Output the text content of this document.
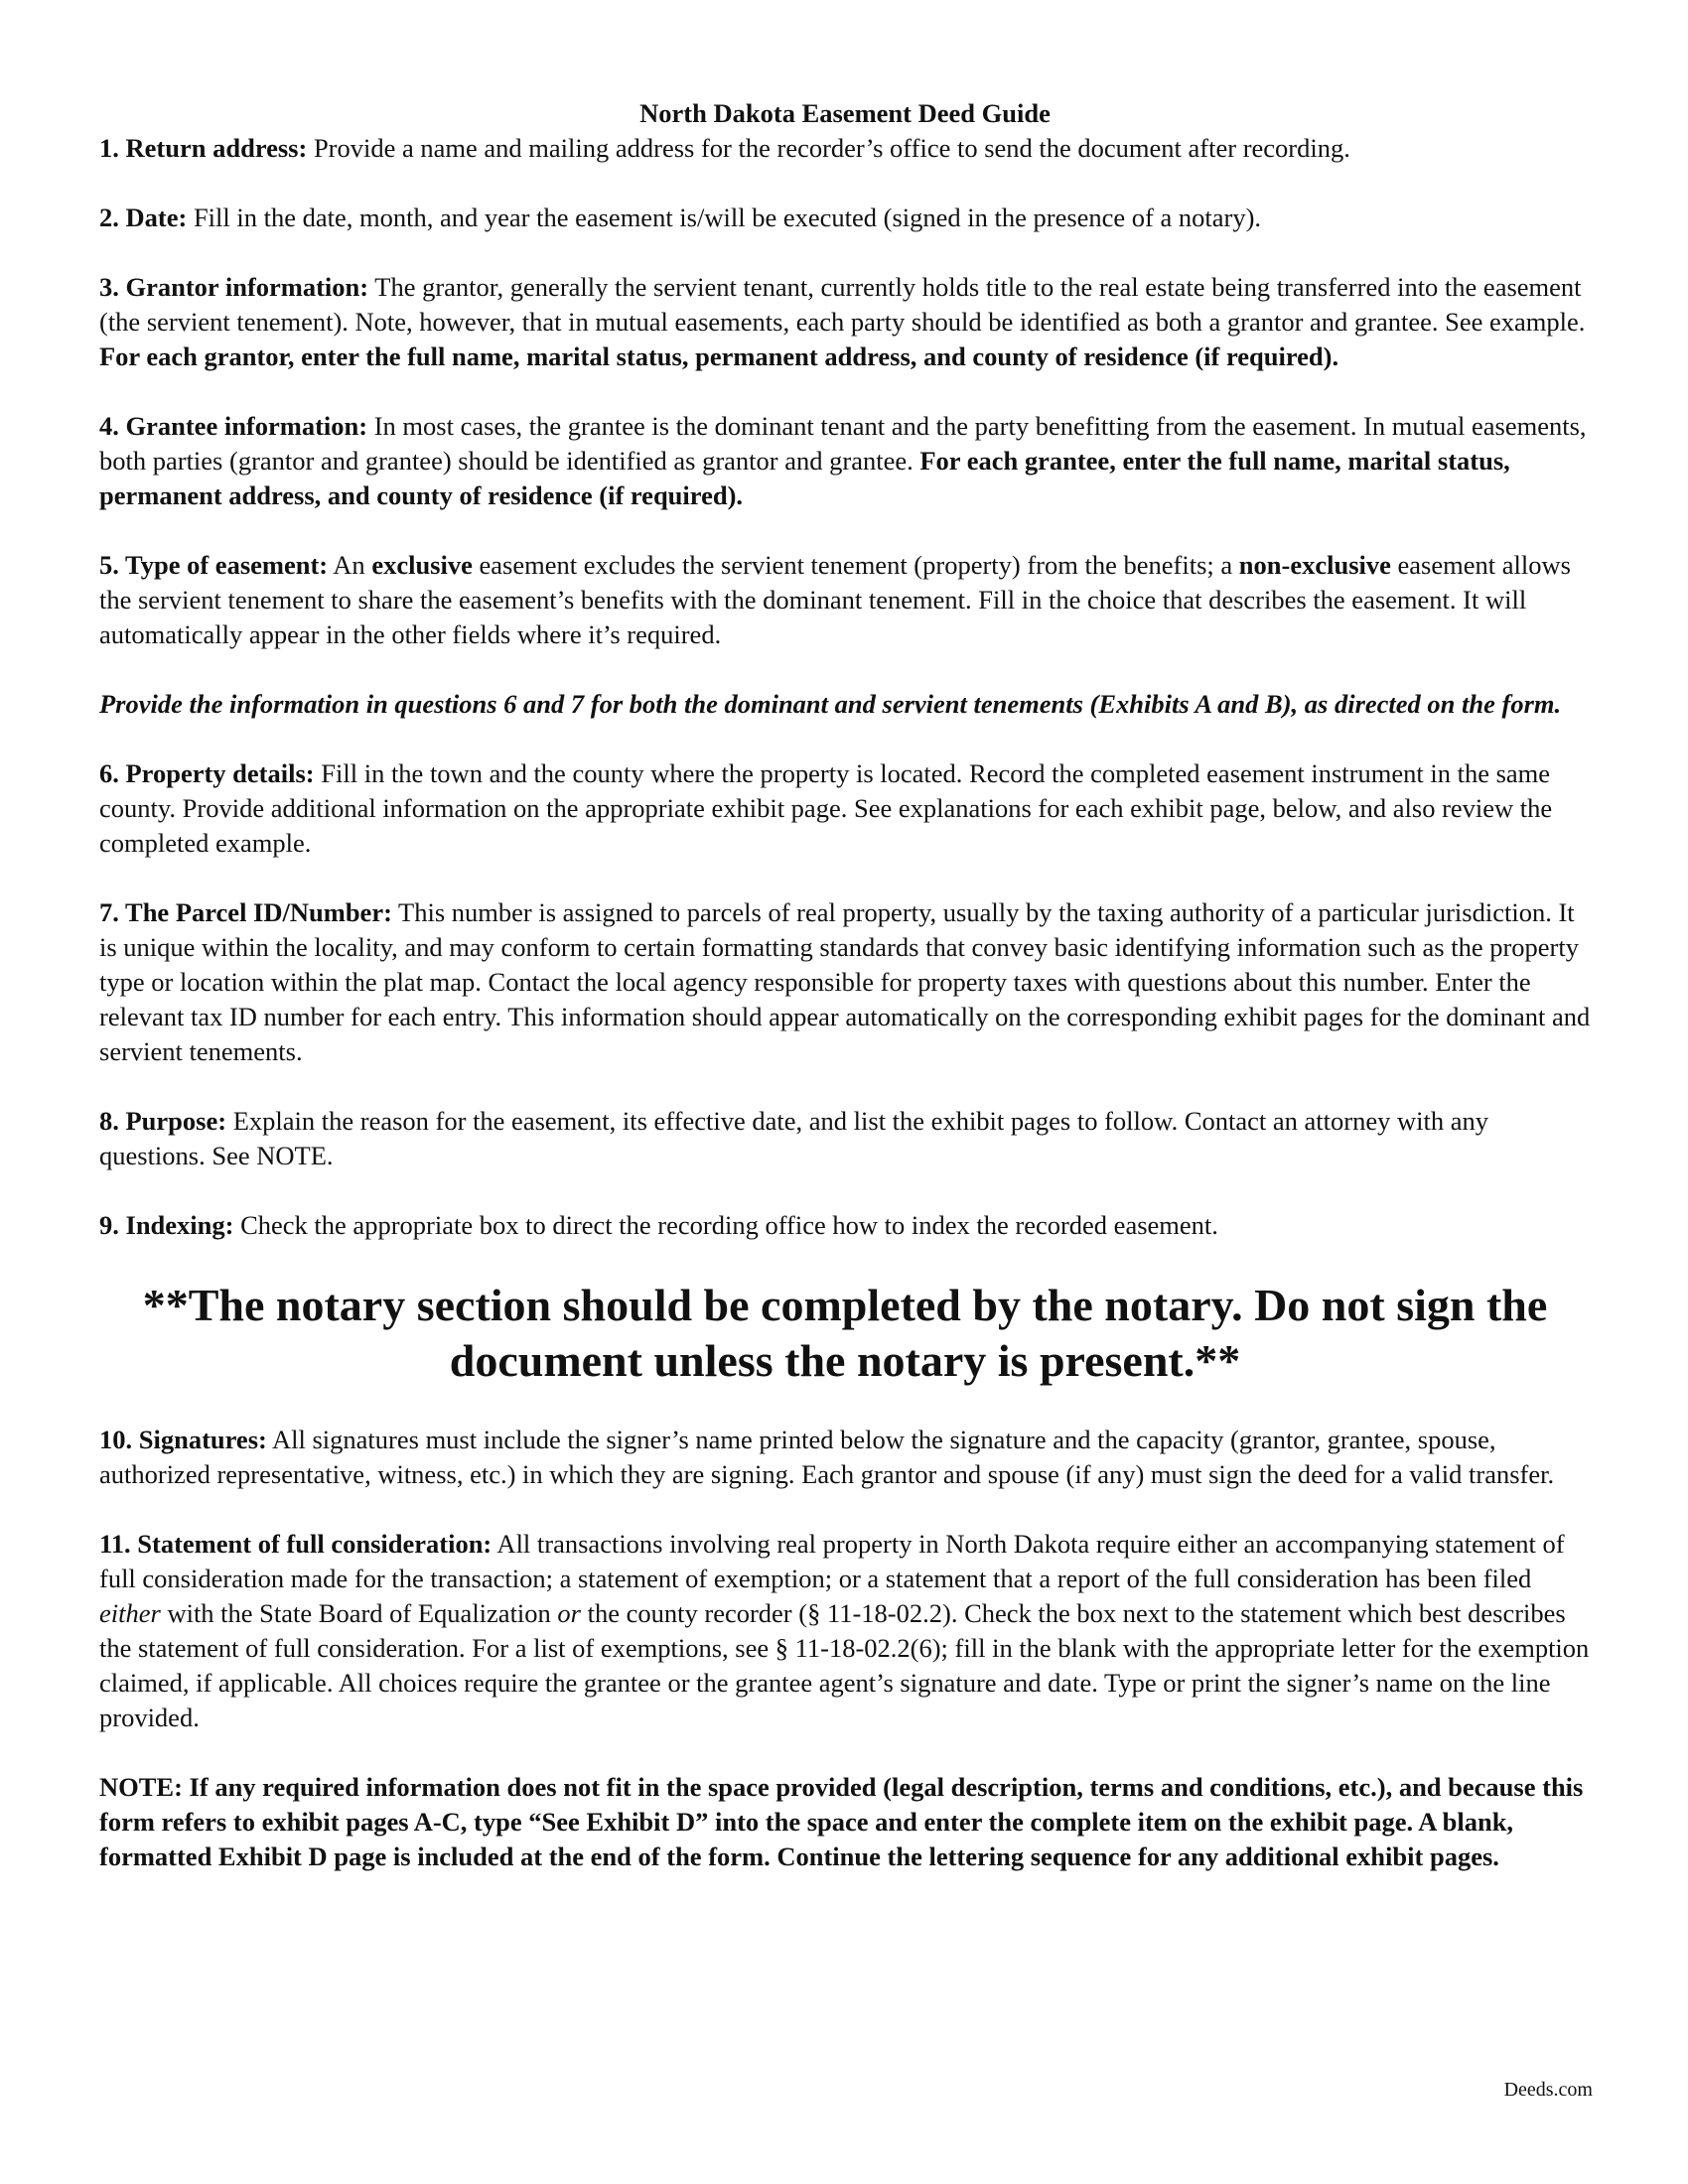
North Dakota Easement Deed Guide

1. Return address: Provide a name and mailing address for the recorder’s office to send the document after recording.

2. Date: Fill in the date, month, and year the easement is/will be executed (signed in the presence of a notary).

3. Grantor information: The grantor, generally the servient tenant, currently holds title to the real estate being transferred into the easement (the servient tenement). Note, however, that in mutual easements, each party should be identified as both a grantor and grantee. See example. For each grantor, enter the full name, marital status, permanent address, and county of residence (if required).

4. Grantee information: In most cases, the grantee is the dominant tenant and the party benefitting from the easement. In mutual easements, both parties (grantor and grantee) should be identified as grantor and grantee. For each grantee, enter the full name, marital status, permanent address, and county of residence (if required).

5. Type of easement: An exclusive easement excludes the servient tenement (property) from the benefits; a non-exclusive easement allows the servient tenement to share the easement’s benefits with the dominant tenement. Fill in the choice that describes the easement. It will automatically appear in the other fields where it’s required.

Provide the information in questions 6 and 7 for both the dominant and servient tenements (Exhibits A and B), as directed on the form.

6. Property details: Fill in the town and the county where the property is located. Record the completed easement instrument in the same county. Provide additional information on the appropriate exhibit page. See explanations for each exhibit page, below, and also review the completed example.

7. The Parcel ID/Number: This number is assigned to parcels of real property, usually by the taxing authority of a particular jurisdiction. It is unique within the locality, and may conform to certain formatting standards that convey basic identifying information such as the property type or location within the plat map. Contact the local agency responsible for property taxes with questions about this number. Enter the relevant tax ID number for each entry. This information should appear automatically on the corresponding exhibit pages for the dominant and servient tenements.

8. Purpose: Explain the reason for the easement, its effective date, and list the exhibit pages to follow. Contact an attorney with any questions. See NOTE.

9. Indexing: Check the appropriate box to direct the recording office how to index the recorded easement.

**The notary section should be completed by the notary. Do not sign the document unless the notary is present.**

10. Signatures: All signatures must include the signer’s name printed below the signature and the capacity (grantor, grantee, spouse, authorized representative, witness, etc.) in which they are signing. Each grantor and spouse (if any) must sign the deed for a valid transfer.

11. Statement of full consideration: All transactions involving real property in North Dakota require either an accompanying statement of full consideration made for the transaction; a statement of exemption; or a statement that a report of the full consideration has been filed either with the State Board of Equalization or the county recorder (§ 11-18-02.2). Check the box next to the statement which best describes the statement of full consideration. For a list of exemptions, see § 11-18-02.2(6); fill in the blank with the appropriate letter for the exemption claimed, if applicable. All choices require the grantee or the grantee agent’s signature and date. Type or print the signer’s name on the line provided.

NOTE: If any required information does not fit in the space provided (legal description, terms and conditions, etc.), and because this form refers to exhibit pages A-C, type “See Exhibit D” into the space and enter the complete item on the exhibit page. A blank, formatted Exhibit D page is included at the end of the form. Continue the lettering sequence for any additional exhibit pages.

Deeds.com
